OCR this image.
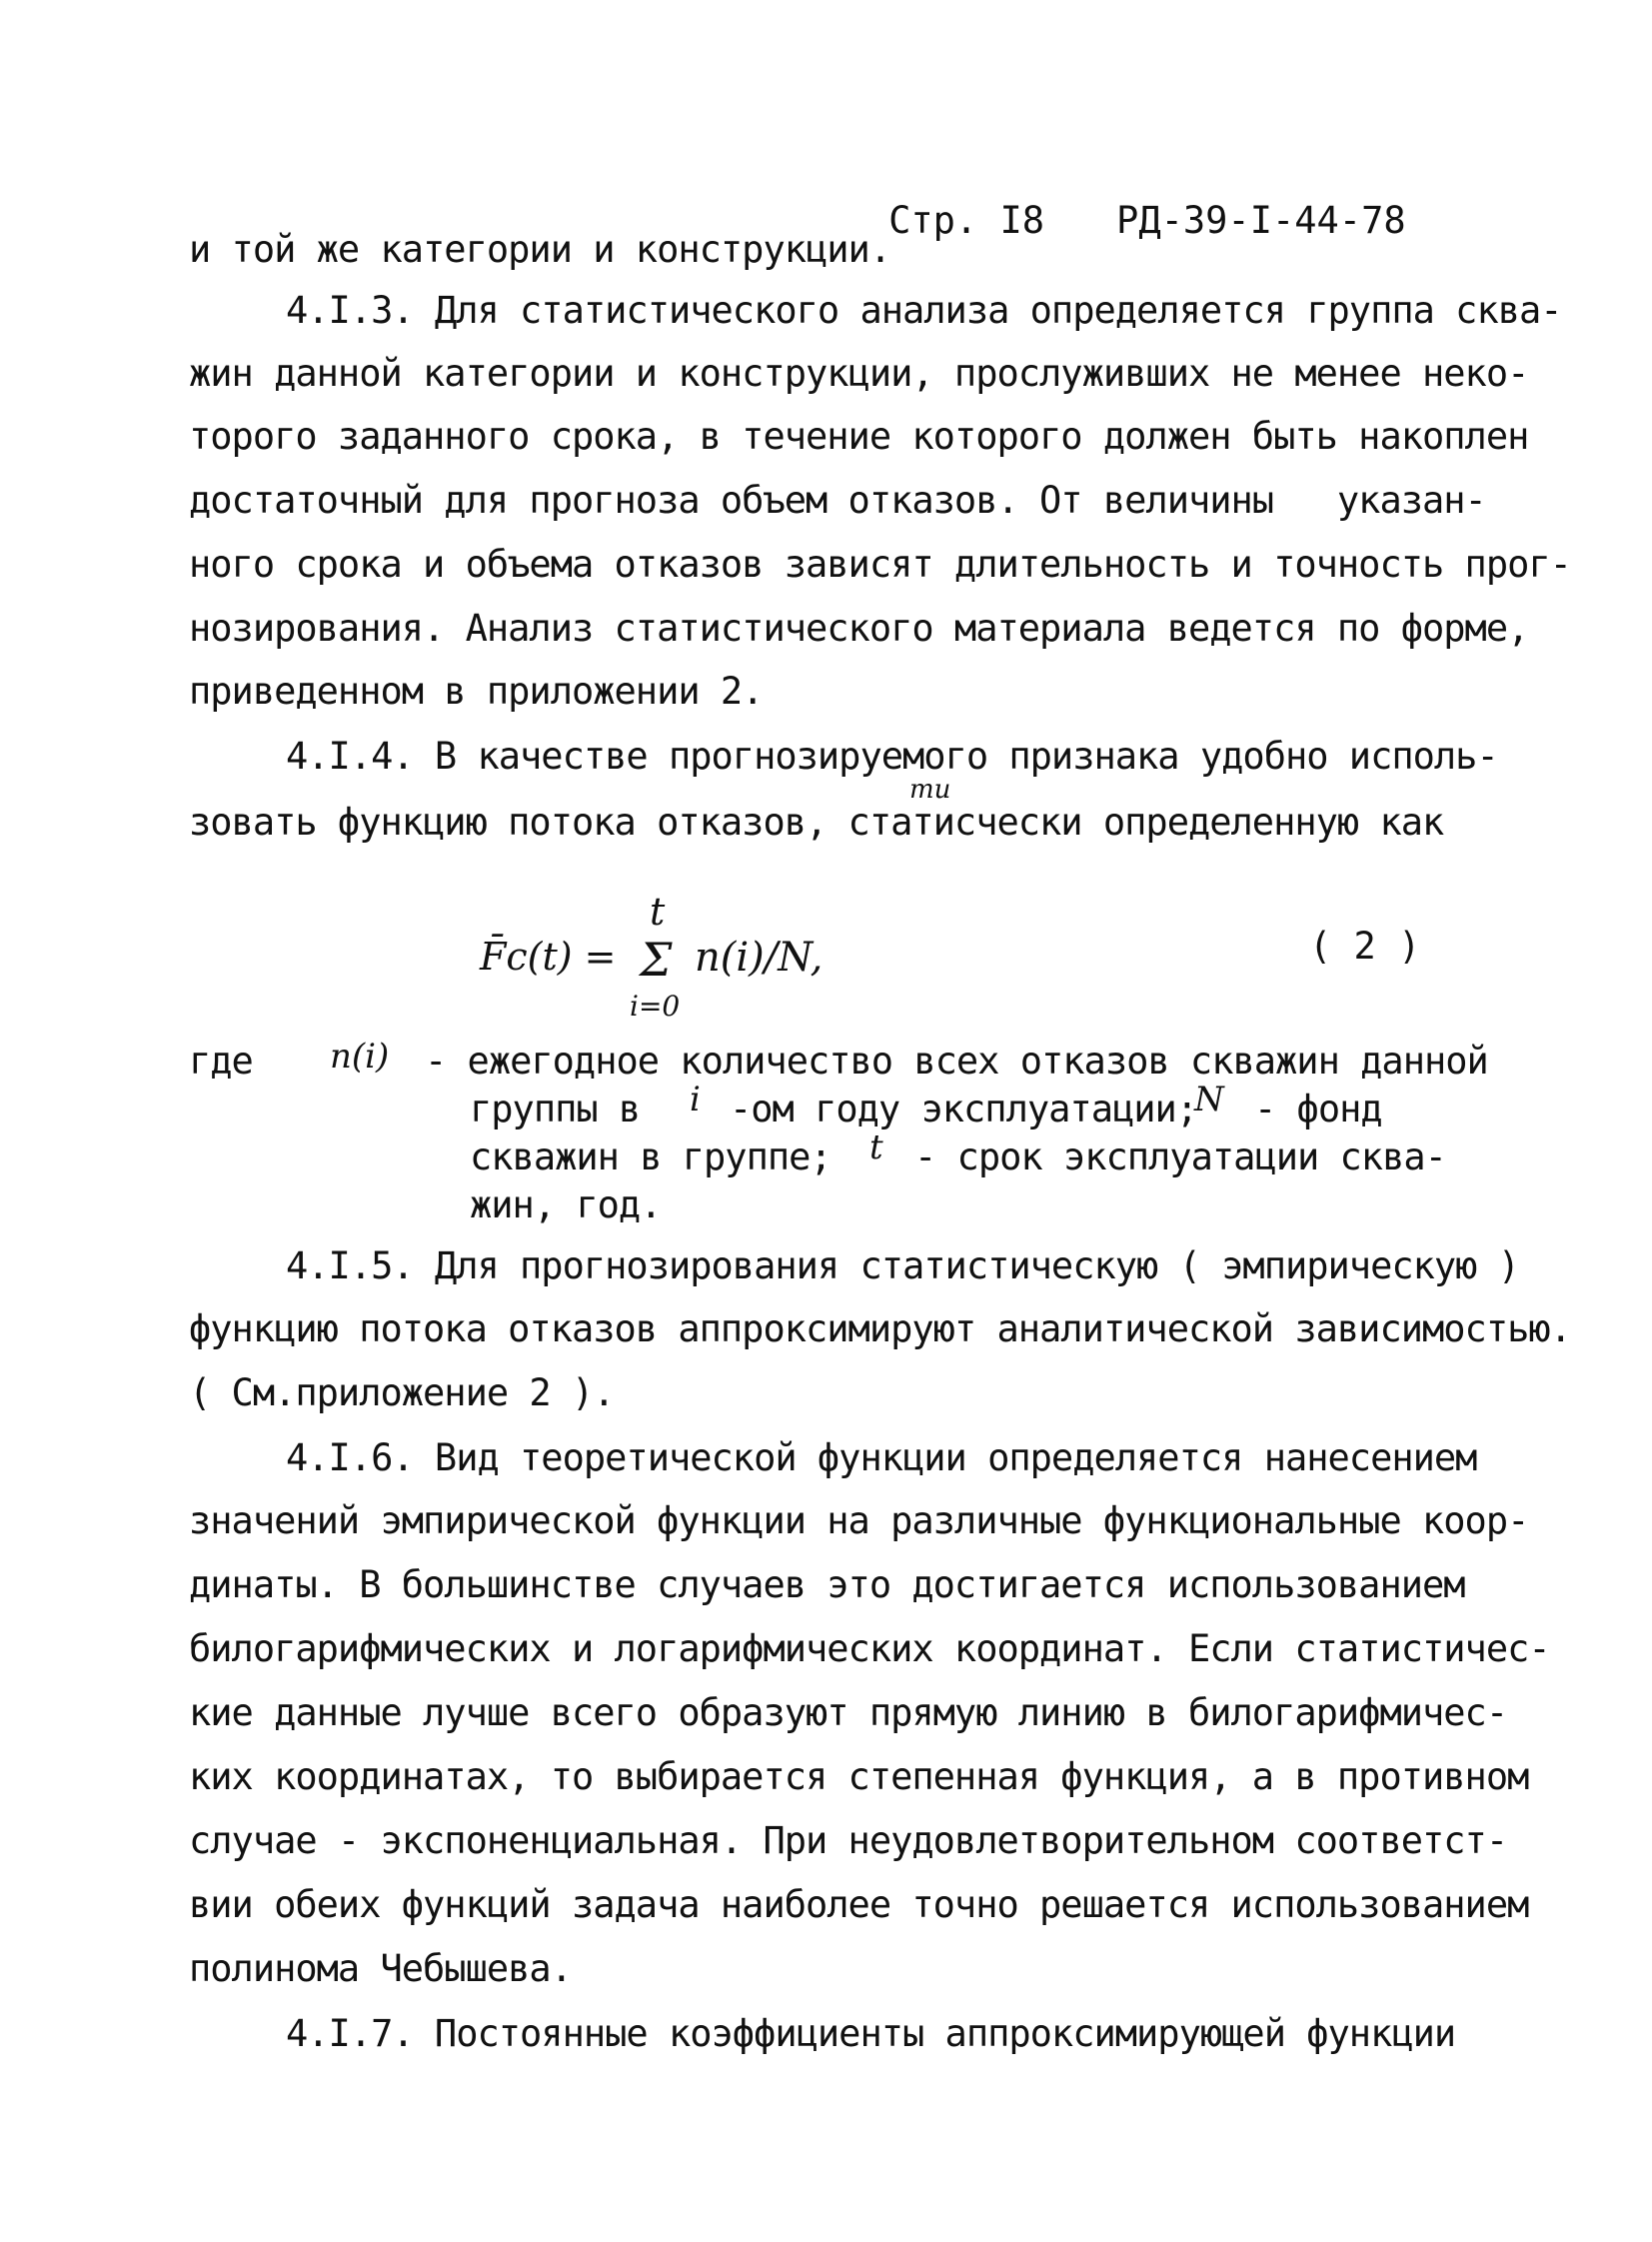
Стр. I8 РД-39-I-44-78

и той же категории и конструкции.
4.I.3. Для статистического анализа определяется группа сква-
жин данной категории и конструкции, прослуживших не менее неко-
торого заданного срока, в течение которого должен быть накоплен
достаточный для прогноза объем отказов. От величины   указан-
ного срока и объема отказов зависят длительность и точность прог-
нозирования. Анализ статистического материала ведется по форме,
приведенном в приложении 2.
4.I.4. В качестве прогнозируемого признака удобно исполь-
ти
зовать функцию потока отказов, статисчески определенную как
F̄c(t) =
t
Σ
i=0
n(i)/N,	( 2 )
где n(i) - ежегодное количество всех отказов скважин данной
группы в i -ом году эксплуатации;
N - фонд
скважин в группе; t - срок эксплуатации сква-
жин, год.
4.I.5. Для прогнозирования статистическую ( эмпирическую )
функцию потока отказов аппроксимируют аналитической зависимостью.
( См.приложение 2 ).
4.I.6. Вид теоретической функции определяется нанесением
значений эмпирической функции на различные функциональные коор-
динаты. В большинстве случаев это достигается использованием
билогарифмических и логарифмических координат. Если статистичес-
кие данные лучше всего образуют прямую линию в билогарифмичес-
ких координатах, то выбирается степенная функция, а в противном
случае - экспоненциальная. При неудовлетворительном соответст-
вии обеих функций задача наиболее точно решается использованием
полинома Чебышева.
4.I.7. Постоянные коэффициенты аппроксимирующей функции
